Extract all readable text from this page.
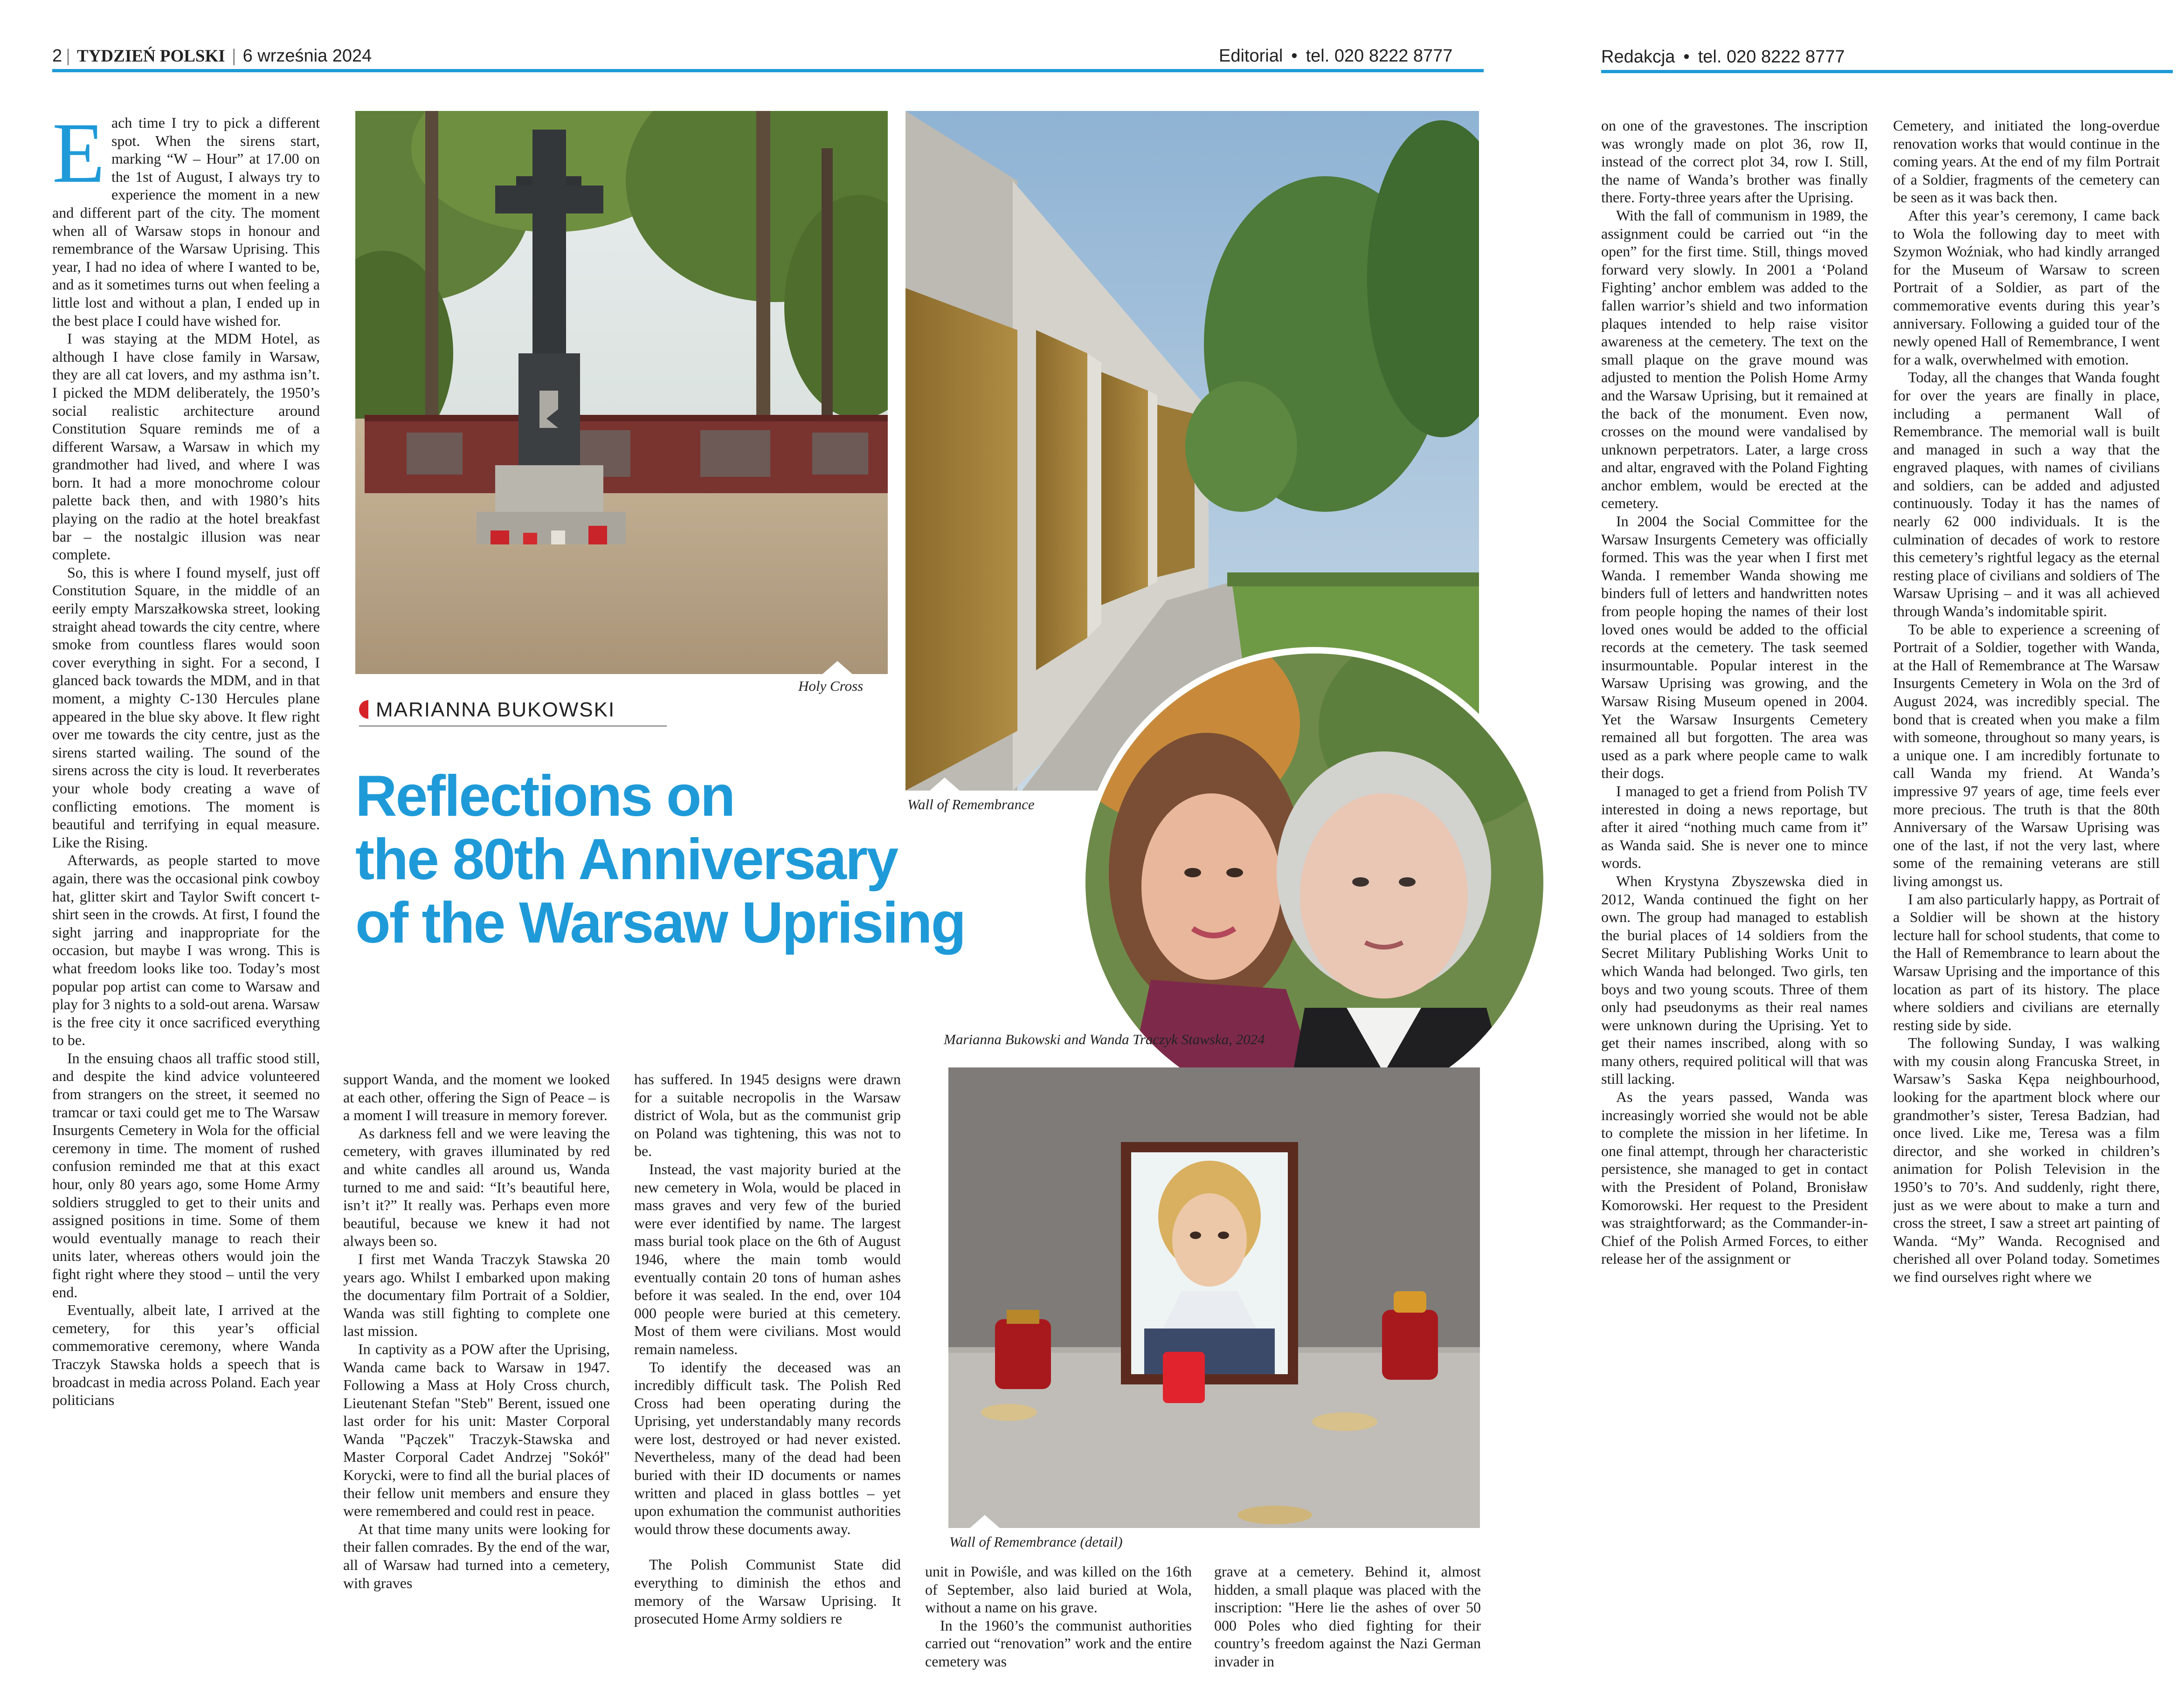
2 | TYDZIEŃ POLSKI | 6 września 2024	Editorial • tel. 020 8222 8777	Redakcja • tel. 020 8222 8777

Each time I try to pick a different spot. When the sirens start, marking “W – Hour” at 17.00 on the 1st of August, I always try to experience the moment in a new and different part of the city. The moment when all of Warsaw stops in honour and remembrance of the Warsaw Uprising. This year, I had no idea of where I wanted to be, and as it sometimes turns out when feeling a little lost and without a plan, I ended up in the best place I could have wished for.

I was staying at the MDM Hotel, as although I have close family in Warsaw, they are all cat lovers, and my asthma isn’t. I picked the MDM deliberately, the 1950’s social realistic architecture around Constitution Square reminds me of a different Warsaw, a Warsaw in which my grandmother had lived, and where I was born. It had a more monochrome colour palette back then, and with 1980’s hits playing on the radio at the hotel breakfast bar – the nostalgic illusion was near complete.

So, this is where I found myself, just off Constitution Square, in the middle of an eerily empty Marszałkowska street, looking straight ahead towards the city centre, where smoke from countless flares would soon cover everything in sight. For a second, I glanced back towards the MDM, and in that moment, a mighty C-130 Hercules plane appeared in the blue sky above. It flew right over me towards the city centre, just as the sirens started wailing. The sound of the sirens across the city is loud. It reverberates your whole body creating a wave of conflicting emotions. The moment is beautiful and terrifying in equal measure. Like the Rising.

Afterwards, as people started to move again, there was the occasional pink cowboy hat, glitter skirt and Taylor Swift concert t-shirt seen in the crowds. At first, I found the sight jarring and inappropriate for the occasion, but maybe I was wrong. This is what freedom looks like too. Today’s most popular pop artist can come to Warsaw and play for 3 nights to a sold-out arena. Warsaw is the free city it once sacrificed everything to be.

In the ensuing chaos all traffic stood still, and despite the kind advice volunteered from strangers on the street, it seemed no tramcar or taxi could get me to The Warsaw Insurgents Cemetery in Wola for the official ceremony in time. The moment of rushed confusion reminded me that at this exact hour, only 80 years ago, some Home Army soldiers struggled to get to their units and assigned positions in time. Some of them would eventually manage to reach their units later, whereas others would join the fight right where they stood – until the very end.

Eventually, albeit late, I arrived at the cemetery, for this year’s official commemorative ceremony, where Wanda Traczyk Stawska holds a speech that is broadcast in media across Poland. Each year politicians

Holy Cross
MARIANNA BUKOWSKI
Reflections on
the 80th Anniversary
of the Warsaw Uprising
Wall of Remembrance
Marianna Bukowski and Wanda Traczyk Stawska, 2024
Wall of Remembrance (detail)

support Wanda, and the moment we looked at each other, offering the Sign of Peace – is a moment I will treasure in memory forever.

As darkness fell and we were leaving the cemetery, with graves illuminated by red and white candles all around us, Wanda turned to me and said: “It’s beautiful here, isn’t it?” It really was. Perhaps even more beautiful, because we knew it had not always been so.

I first met Wanda Traczyk Stawska 20 years ago. Whilst I embarked upon making the documentary film Portrait of a Soldier, Wanda was still fighting to complete one last mission.

In captivity as a POW after the Uprising, Wanda came back to Warsaw in 1947. Following a Mass at Holy Cross church, Lieutenant Stefan "Steb" Berent, issued one last order for his unit: Master Corporal Wanda "Pączek" Traczyk-Stawska and Master Corporal Cadet Andrzej "Sokół" Korycki, were to find all the burial places of their fellow unit members and ensure they were remembered and could rest in peace.

At that time many units were looking for their fallen comrades. By the end of the war, all of Warsaw had turned into a cemetery, with graves

has suffered. In 1945 designs were drawn for a suitable necropolis in the Warsaw district of Wola, but as the communist grip on Poland was tightening, this was not to be.

Instead, the vast majority buried at the new cemetery in Wola, would be placed in mass graves and very few of the buried were ever identified by name. The largest mass burial took place on the 6th of August 1946, where the main tomb would eventually contain 20 tons of human ashes before it was sealed. In the end, over 104 000 people were buried at this cemetery. Most of them were civilians. Most would remain nameless.

To identify the deceased was an incredibly difficult task. The Polish Red Cross had been operating during the Uprising, yet understandably many records were lost, destroyed or had never existed. Nevertheless, many of the dead had been buried with their ID documents or names written and placed in glass bottles – yet upon exhumation the communist authorities would throw these documents away.

The Polish Communist State did everything to diminish the ethos and memory of the Warsaw Uprising. It prosecuted Home Army soldiers re

unit in Powiśle, and was killed on the 16th of September, also laid buried at Wola, without a name on his grave.

In the 1960’s the communist authorities carried out “renovation” work and the entire cemetery was

grave at a cemetery. Behind it, almost hidden, a small plaque was placed with the inscription: "Here lie the ashes of over 50 000 Poles who died fighting for their country’s freedom against the Nazi German invader in

on one of the gravestones. The inscription was wrongly made on plot 36, row II, instead of the correct plot 34, row I. Still, the name of Wanda’s brother was finally there. Forty-three years after the Uprising.

With the fall of communism in 1989, the assignment could be carried out “in the open” for the first time. Still, things moved forward very slowly. In 2001 a ‘Poland Fighting’ anchor emblem was added to the fallen warrior’s shield and two information plaques intended to help raise visitor awareness at the cemetery. The text on the small plaque on the grave mound was adjusted to mention the Polish Home Army and the Warsaw Uprising, but it remained at the back of the monument. Even now, crosses on the mound were vandalised by unknown perpetrators. Later, a large cross and altar, engraved with the Poland Fighting anchor emblem, would be erected at the cemetery.

In 2004 the Social Committee for the Warsaw Insurgents Cemetery was officially formed. This was the year when I first met Wanda. I remember Wanda showing me binders full of letters and handwritten notes from people hoping the names of their lost loved ones would be added to the official records at the cemetery. The task seemed insurmountable. Popular interest in the Warsaw Uprising was growing, and the Warsaw Rising Museum opened in 2004. Yet the Warsaw Insurgents Cemetery remained all but forgotten. The area was used as a park where people came to walk their dogs.

I managed to get a friend from Polish TV interested in doing a news reportage, but after it aired “nothing much came from it” as Wanda said. She is never one to mince words.

When Krystyna Zbyszewska died in 2012, Wanda continued the fight on her own. The group had managed to establish the burial places of 14 soldiers from the Secret Military Publishing Works Unit to which Wanda had belonged. Two girls, ten boys and two young scouts. Three of them only had pseudonyms as their real names were unknown during the Uprising. Yet to get their names inscribed, along with so many others, required political will that was still lacking.

As the years passed, Wanda was increasingly worried she would not be able to complete the mission in her lifetime. In one final attempt, through her characteristic persistence, she managed to get in contact with the President of Poland, Bronisław Komorowski. Her request to the President was straightforward; as the Commander-in-Chief of the Polish Armed Forces, to either release her of the assignment or

Cemetery, and initiated the long-overdue renovation works that would continue in the coming years. At the end of my film Portrait of a Soldier, fragments of the cemetery can be seen as it was back then.

After this year’s ceremony, I came back to Wola the following day to meet with Szymon Woźniak, who had kindly arranged for the Museum of Warsaw to screen Portrait of a Soldier, as part of the commemorative events during this year’s anniversary. Following a guided tour of the newly opened Hall of Remembrance, I went for a walk, overwhelmed with emotion.

Today, all the changes that Wanda fought for over the years are finally in place, including a permanent Wall of Remembrance. The memorial wall is built and managed in such a way that the engraved plaques, with names of civilians and soldiers, can be added and adjusted continuously. Today it has the names of nearly 62 000 individuals. It is the culmination of decades of work to restore this cemetery’s rightful legacy as the eternal resting place of civilians and soldiers of The Warsaw Uprising – and it was all achieved through Wanda’s indomitable spirit.

To be able to experience a screening of Portrait of a Soldier, together with Wanda, at the Hall of Remembrance at The Warsaw Insurgents Cemetery in Wola on the 3rd of August 2024, was incredibly special. The bond that is created when you make a film with someone, throughout so many years, is a unique one. I am incredibly fortunate to call Wanda my friend. At Wanda’s impressive 97 years of age, time feels ever more precious. The truth is that the 80th Anniversary of the Warsaw Uprising was one of the last, if not the very last, where some of the remaining veterans are still living amongst us.

I am also particularly happy, as Portrait of a Soldier will be shown at the history lecture hall for school students, that come to the Hall of Remembrance to learn about the Warsaw Uprising and the importance of this location as part of its history. The place where soldiers and civilians are eternally resting side by side.

The following Sunday, I was walking with my cousin along Francuska Street, in Warsaw’s Saska Kępa neighbourhood, looking for the apartment block where our grandmother’s sister, Teresa Badzian, had once lived. Like me, Teresa was a film director, and she worked in children’s animation for Polish Television in the 1950’s to 70’s. And suddenly, right there, just as we were about to make a turn and cross the street, I saw a street art painting of Wanda. “My” Wanda. Recognised and cherished all over Poland today. Sometimes we find ourselves right where we
